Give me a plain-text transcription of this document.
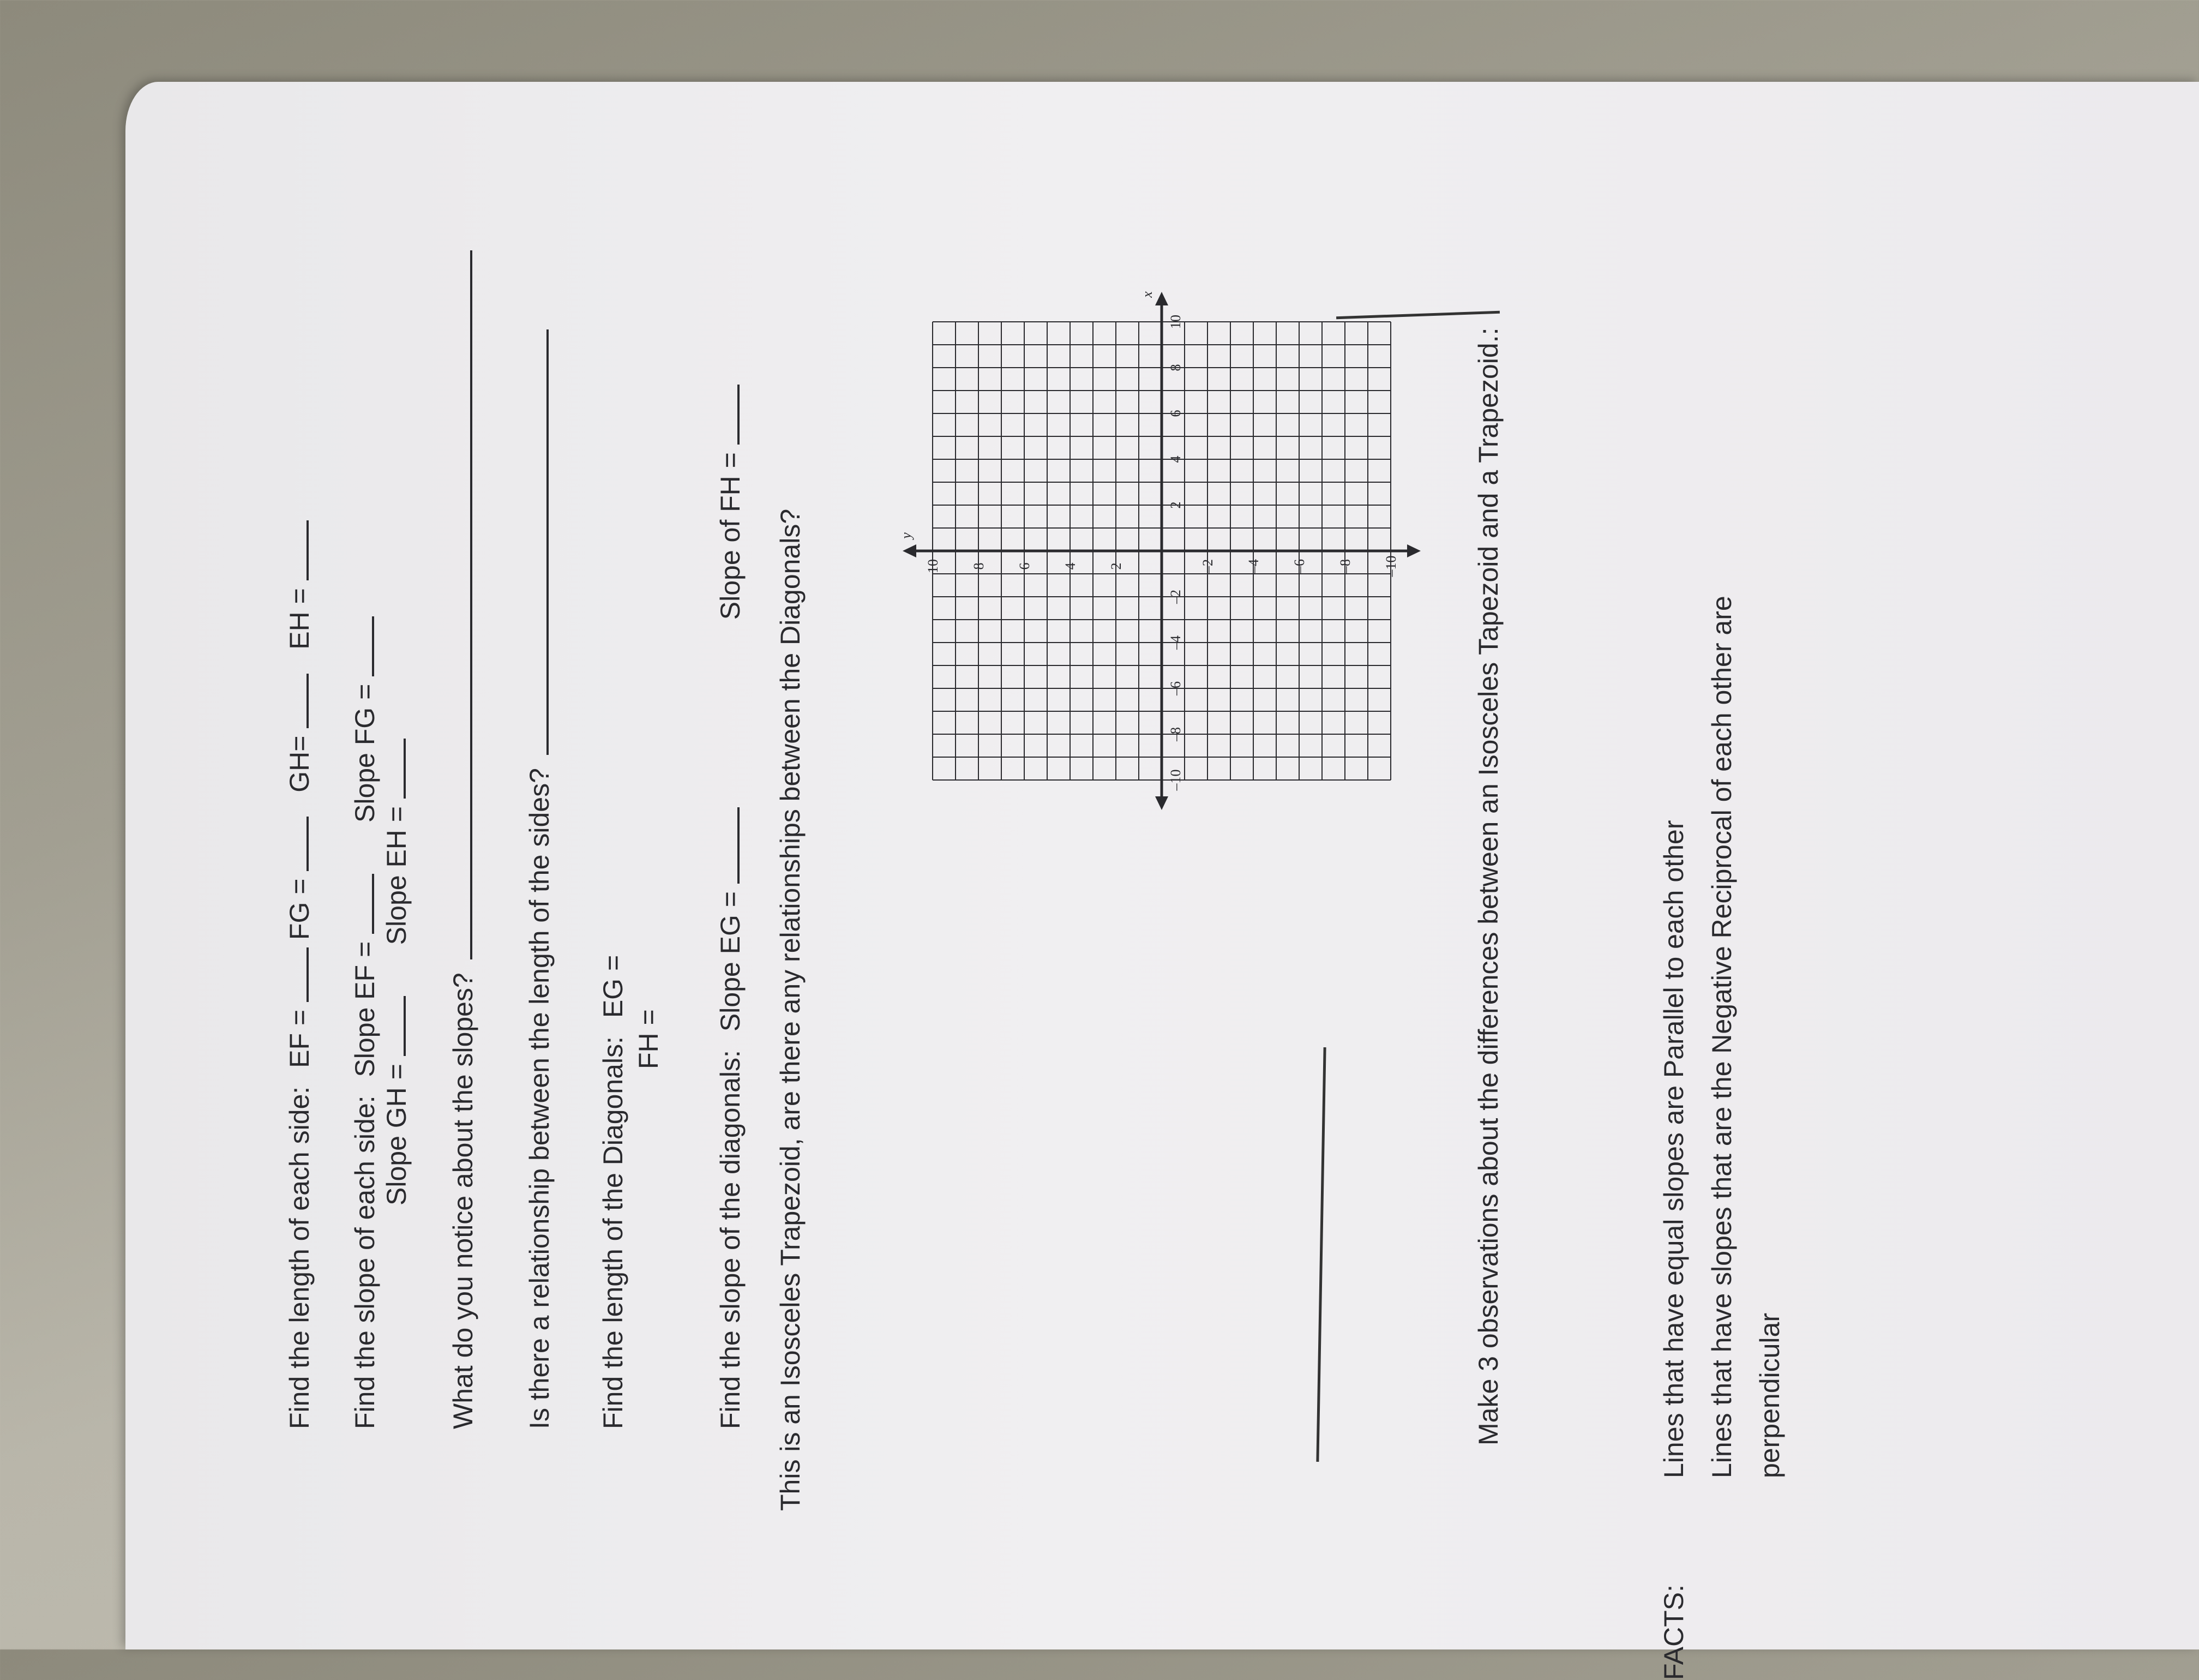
Find the length of each side: EF =  FG =  GH=  EH =
Find the slope of each side: Slope EF =  Slope FG =
Slope GH =  Slope EH =
What do you notice about the slopes? Is there a relationship between the length of the sides? Find the length of the Diagonals: EG =
FH =
Find the slope of the diagonals: Slope EG =  Slope of FH = This is an Isosceles Trapezoid, are there any relationships between the Diagonals?	–10
–10
–8
–8
–6
–6
–4
–4
–2
–2
2
2
4
4
6
6
8
8
10
10
x
y	Make 3 observations about the differences between an Isosceles Tapezoid and a Trapezoid.:
FACTS:
Lines that have equal slopes are Parallel to each other Lines that have slopes that are the Negative Reciprocal of each other are perpendicular
